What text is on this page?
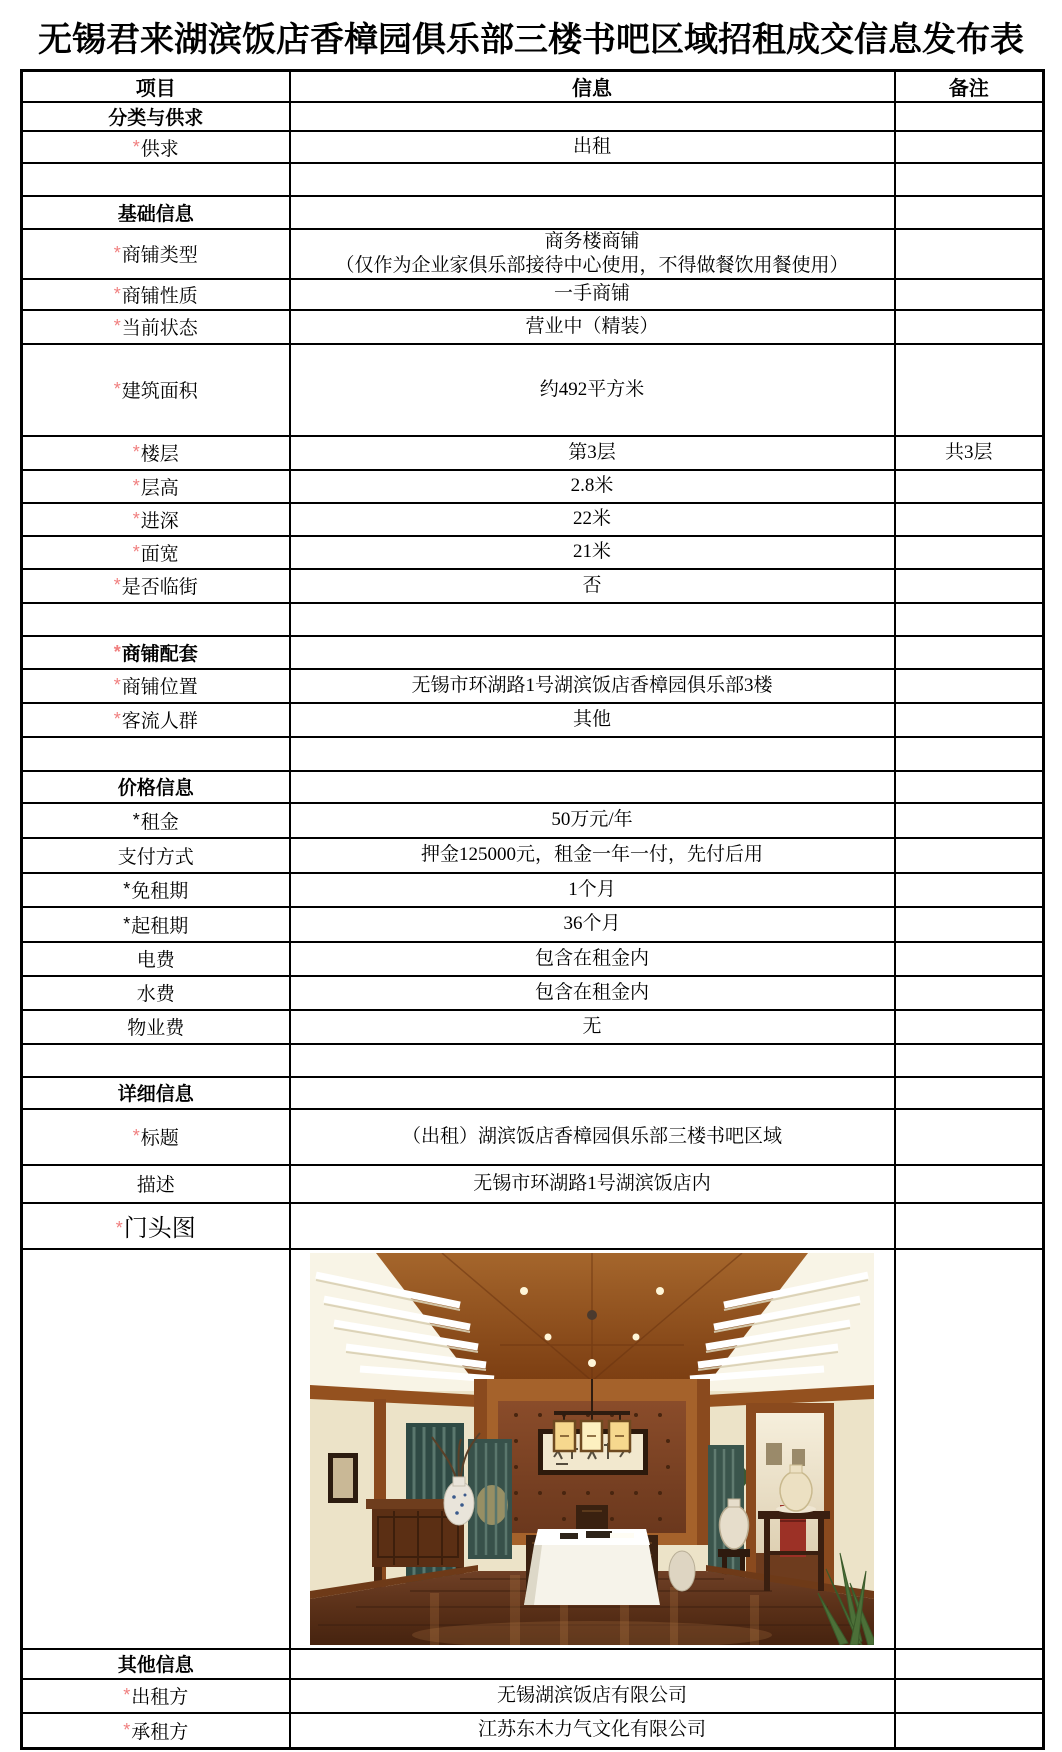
无锡君来湖滨饭店香樟园俱乐部三楼书吧区域招租成交信息发布表
项目	信息	备注
分类与供求		
*供求	出租	

基础信息		
*商铺类型	商务楼商铺
（仅作为企业家俱乐部接待中心使用，不得做餐饮用餐使用）	

*商铺性质	一手商铺	

*当前状态	营业中（精装）	

*建筑面积	约492平方米	

*楼层	第3层	共3层

*层高	2.8米	

*进深	22米	

*面宽	21米	

*是否临街	否	

*商铺配套		
*商铺位置	无锡市环湖路1号湖滨饭店香樟园俱乐部3楼	

*客流人群	其他	

价格信息		
*租金	50万元/年	

支付方式	押金125000元，租金一年一付，先付后用	

*免租期	1个月	

*起租期	36个月	

电费	包含在租金内	

水费	包含在租金内	

物业费	无	

详细信息		
*标题	（出租）湖滨饭店香樟园俱乐部三楼书吧区域	

描述	无锡市环湖路1号湖滨饭店内	

*门头图		

其他信息		
*出租方	无锡湖滨饭店有限公司	

*承租方	江苏东木力气文化有限公司	
